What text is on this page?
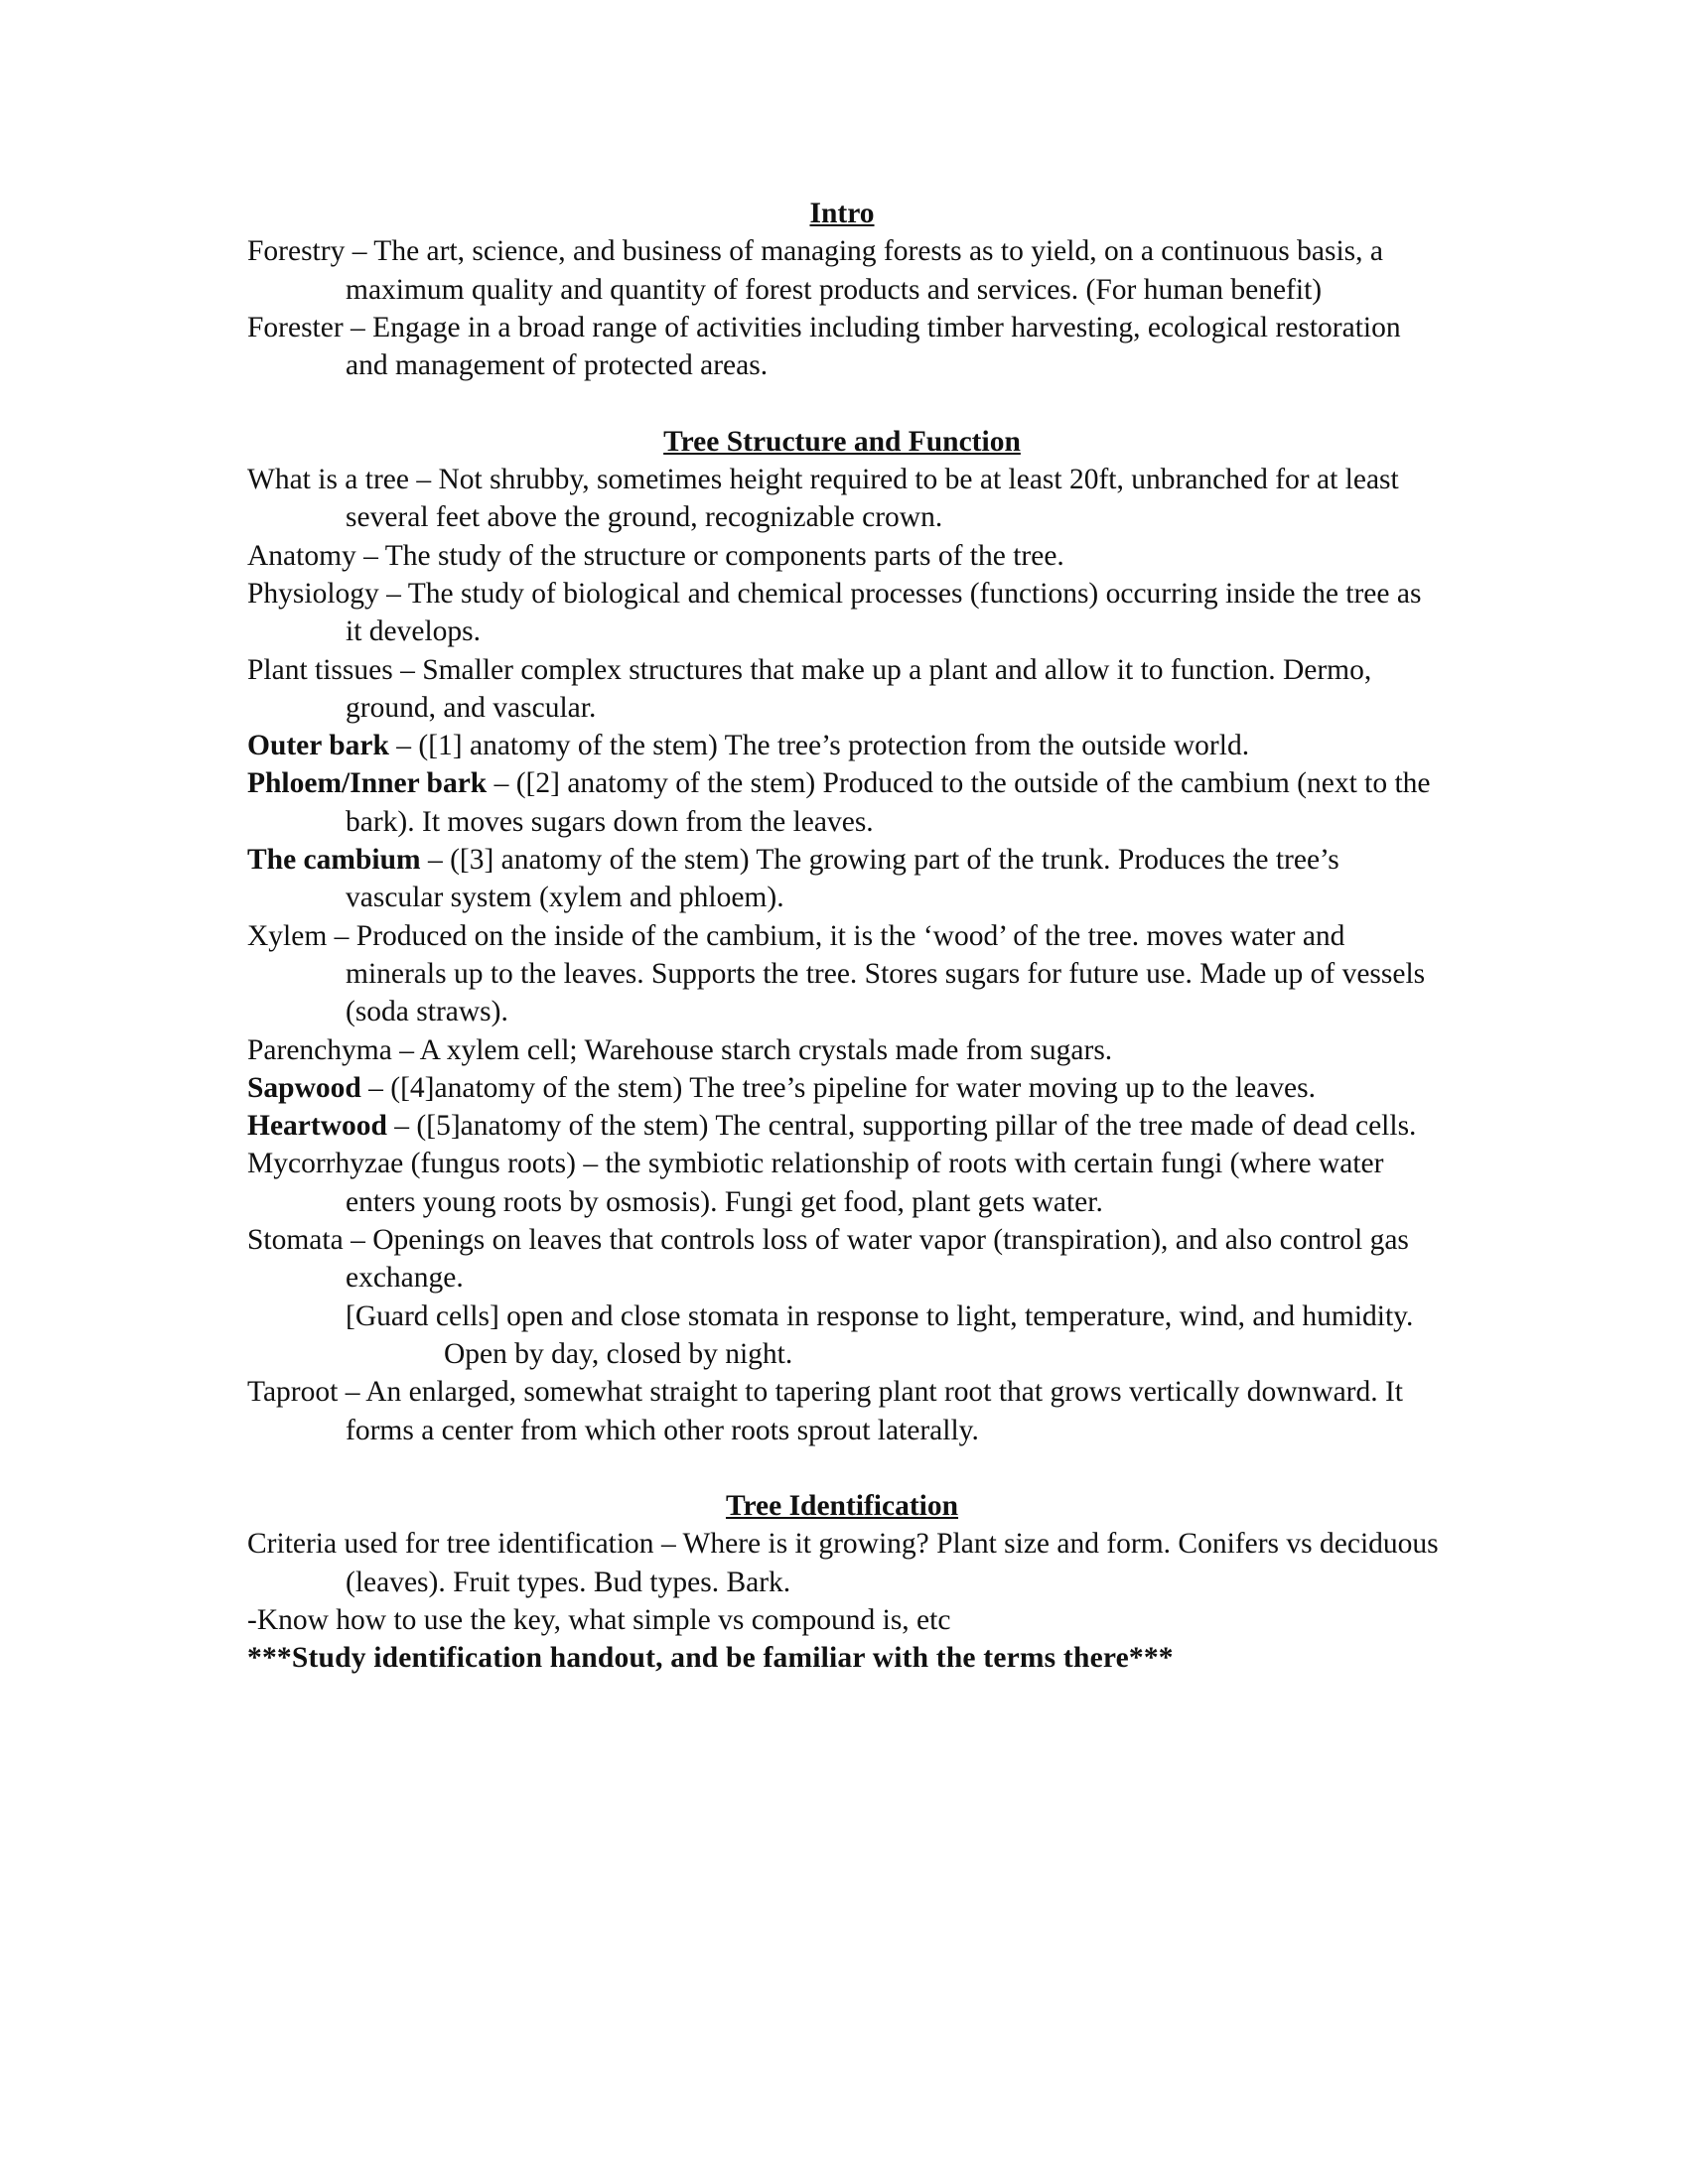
Intro

Forestry – The art, science, and business of managing forests as to yield, on a continuous basis, a maximum quality and quantity of forest products and services. (For human benefit)

Forester – Engage in a broad range of activities including timber harvesting, ecological restoration and management of protected areas.

Tree Structure and Function

What is a tree – Not shrubby, sometimes height required to be at least 20ft, unbranched for at least several feet above the ground, recognizable crown.

Anatomy – The study of the structure or components parts of the tree.

Physiology – The study of biological and chemical processes (functions) occurring inside the tree as it develops.

Plant tissues – Smaller complex structures that make up a plant and allow it to function. Dermo, ground, and vascular.

Outer bark – ([1] anatomy of the stem) The tree’s protection from the outside world.

Phloem/Inner bark – ([2] anatomy of the stem) Produced to the outside of the cambium (next to the bark). It moves sugars down from the leaves.

The cambium – ([3] anatomy of the stem) The growing part of the trunk. Produces the tree’s vascular system (xylem and phloem).

Xylem – Produced on the inside of the cambium, it is the ‘wood’ of the tree. moves water and minerals up to the leaves. Supports the tree. Stores sugars for future use. Made up of vessels (soda straws).

Parenchyma – A xylem cell; Warehouse starch crystals made from sugars.

Sapwood – ([4]anatomy of the stem) The tree’s pipeline for water moving up to the leaves.

Heartwood – ([5]anatomy of the stem) The central, supporting pillar of the tree made of dead cells.

Mycorrhyzae (fungus roots) – the symbiotic relationship of roots with certain fungi (where water enters young roots by osmosis). Fungi get food, plant gets water.

Stomata – Openings on leaves that controls loss of water vapor (transpiration), and also control gas exchange.

[Guard cells] open and close stomata in response to light, temperature, wind, and humidity. Open by day, closed by night.

Taproot – An enlarged, somewhat straight to tapering plant root that grows vertically downward. It forms a center from which other roots sprout laterally.

Tree Identification

Criteria used for tree identification – Where is it growing? Plant size and form. Conifers vs deciduous (leaves). Fruit types. Bud types. Bark.

-Know how to use the key, what simple vs compound is, etc

***Study identification handout, and be familiar with the terms there***
